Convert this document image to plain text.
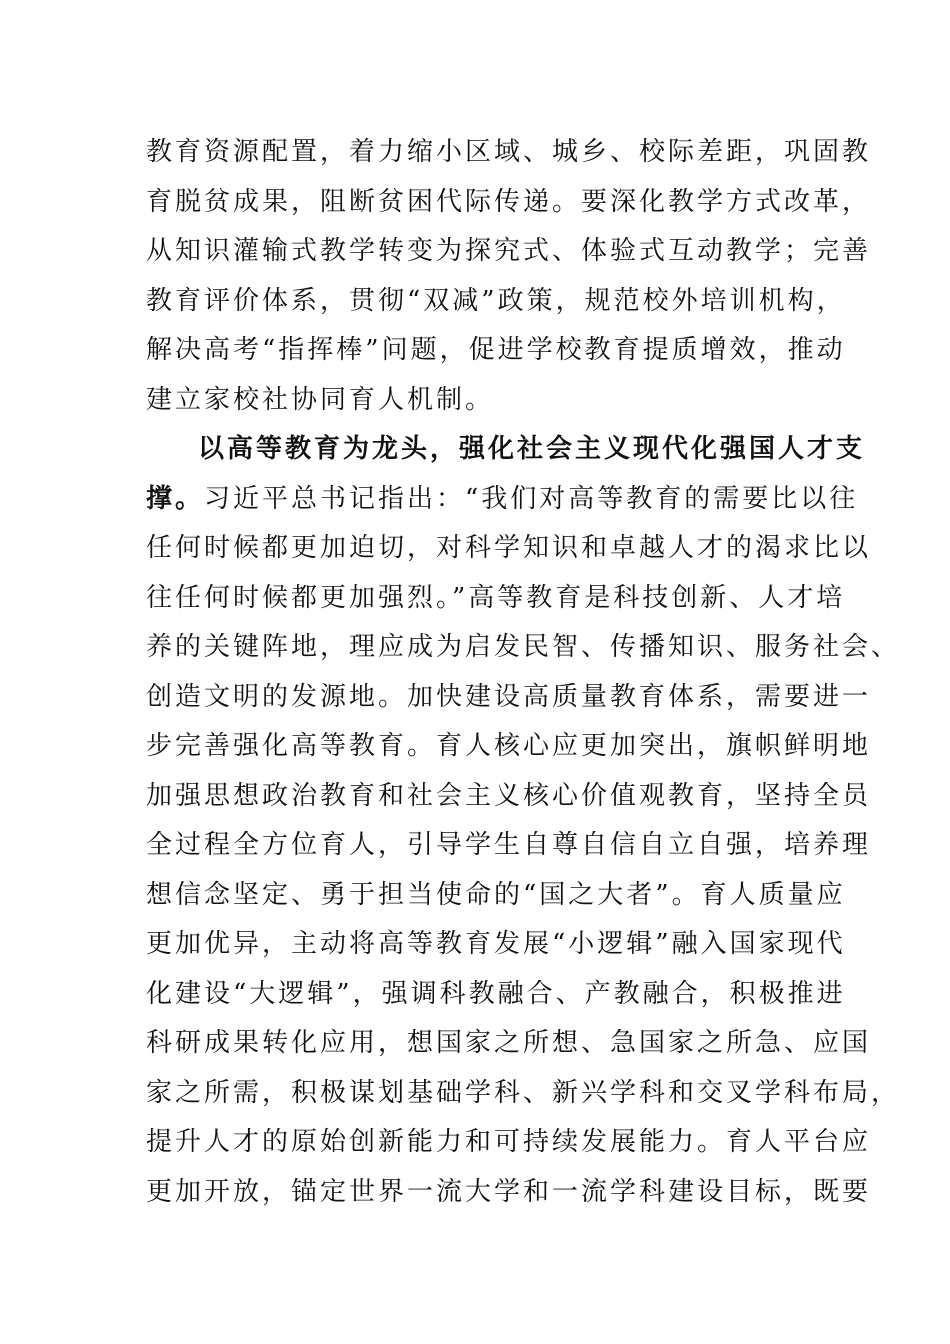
教育资源配置，着力缩小区域、城乡、校际差距，巩固教
育脱贫成果，阻断贫困代际传递。要深化教学方式改革，
从知识灌输式教学转变为探究式、体验式互动教学；完善
教育评价体系，贯彻“双减”政策，规范校外培训机构，
解决高考“指挥棒”问题，促进学校教育提质增效，推动
建立家校社协同育人机制。
以高等教育为龙头，强化社会主义现代化强国人才支
撑。习近平总书记指出：“我们对高等教育的需要比以往
任何时候都更加迫切，对科学知识和卓越人才的渴求比以
往任何时候都更加强烈。”高等教育是科技创新、人才培
养的关键阵地，理应成为启发民智、传播知识、服务社会、
创造文明的发源地。加快建设高质量教育体系，需要进一
步完善强化高等教育。育人核心应更加突出，旗帜鲜明地
加强思想政治教育和社会主义核心价值观教育，坚持全员
全过程全方位育人，引导学生自尊自信自立自强，培养理
想信念坚定、勇于担当使命的“国之大者”。育人质量应
更加优异，主动将高等教育发展“小逻辑”融入国家现代
化建设“大逻辑”，强调科教融合、产教融合，积极推进
科研成果转化应用，想国家之所想、急国家之所急、应国
家之所需，积极谋划基础学科、新兴学科和交叉学科布局，
提升人才的原始创新能力和可持续发展能力。育人平台应
更加开放，锚定世界一流大学和一流学科建设目标，既要
